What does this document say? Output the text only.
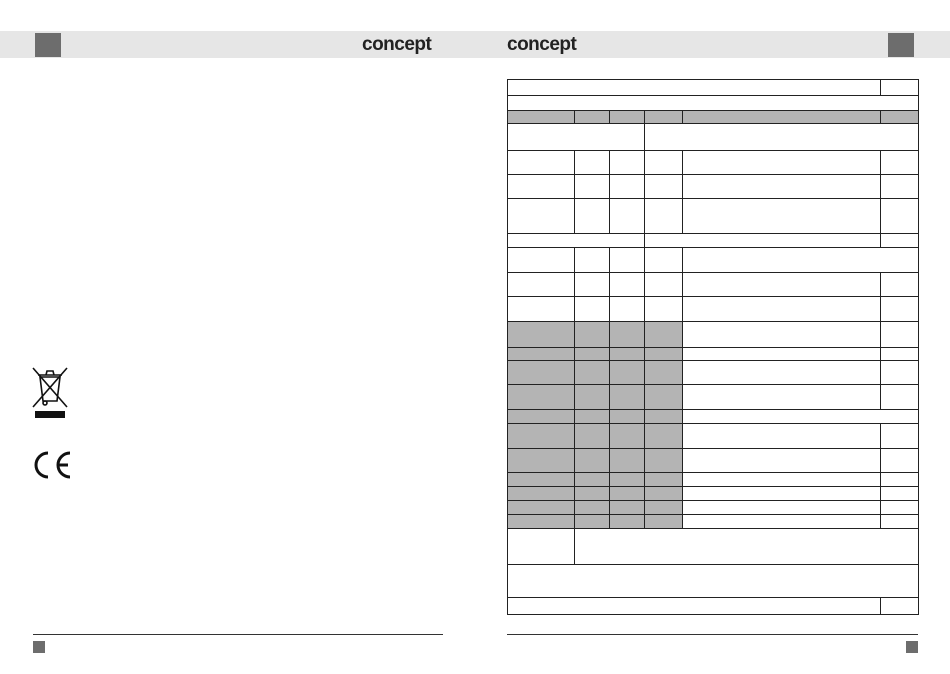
concept	concept
